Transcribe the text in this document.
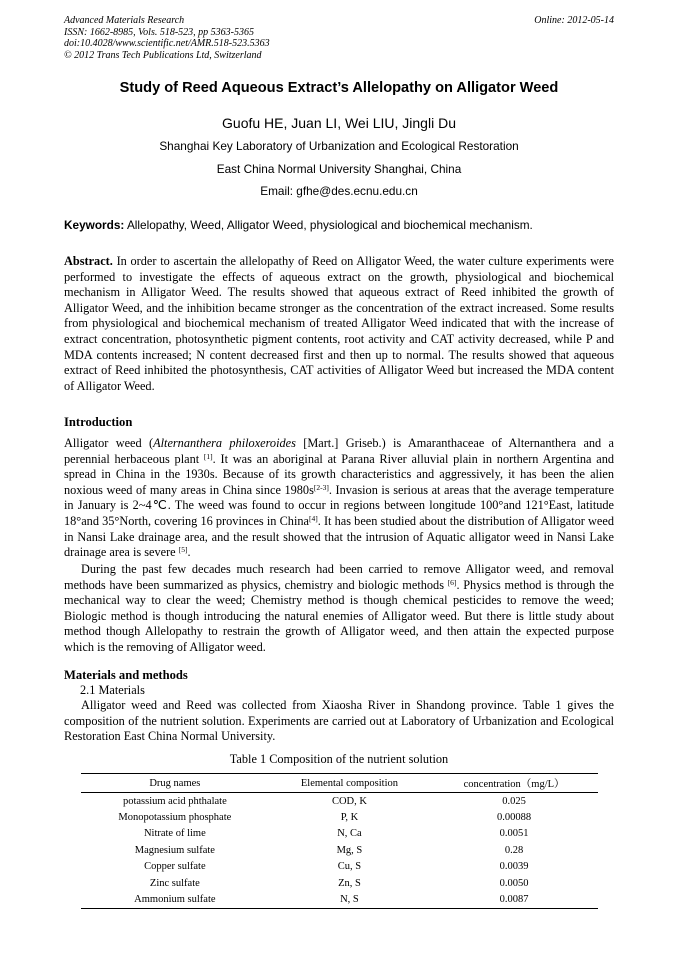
Advanced Materials Research
ISSN: 1662-8985, Vols. 518-523, pp 5363-5365
doi:10.4028/www.scientific.net/AMR.518-523.5363
© 2012 Trans Tech Publications Ltd, Switzerland
Online: 2012-05-14
Study of Reed Aqueous Extract’s Allelopathy on Alligator Weed
Guofu HE, Juan LI, Wei LIU, Jingli Du
Shanghai Key Laboratory of Urbanization and Ecological Restoration
East China Normal University Shanghai, China
Email: gfhe@des.ecnu.edu.cn
Keywords: Allelopathy, Weed, Alligator Weed, physiological and biochemical mechanism.
Abstract. In order to ascertain the allelopathy of Reed on Alligator Weed, the water culture experiments were performed to investigate the effects of aqueous extract on the growth, physiological and biochemical mechanism in Alligator Weed. The results showed that aqueous extract of Reed inhibited the growth of Alligator Weed, and the inhibition became stronger as the concentration of the extract increased. Some results from physiological and biochemical mechanism of treated Alligator Weed indicated that with the increase of extract concentration, photosynthetic pigment contents, root activity and CAT activity decreased, while P and MDA contents increased; N content decreased first and then up to normal. The results showed that aqueous extract of Reed inhibited the photosynthesis, CAT activities of Alligator Weed but increased the MDA content of Alligator Weed.
Introduction
Alligator weed (Alternanthera philoxeroides [Mart.] Griseb.) is Amaranthaceae of Alternanthera and a perennial herbaceous plant [1]. It was an aboriginal at Parana River alluvial plain in northern Argentina and spread in China in the 1930s. Because of its growth characteristics and aggressively, it has been the alien noxious weed of many areas in China since 1980s[2-3]. Invasion is serious at areas that the average temperature in January is 2~4℃. The weed was found to occur in regions between longitude 100°and 121°East, latitude 18°and 35°North, covering 16 provinces in China[4]. It has been studied about the distribution of Alligator weed in Nansi Lake drainage area, and the result showed that the intrusion of Aquatic alligator weed in Nansi Lake drainage area is severe [5].
During the past few decades much research had been carried to remove Alligator weed, and removal methods have been summarized as physics, chemistry and biologic methods [6]. Physics method is through the mechanical way to clear the weed; Chemistry method is though chemical pesticides to remove the weed; Biologic method is though introducing the natural enemies of Alligator weed. But there is little study about method though Allelopathy to restrain the growth of Alligator weed, and then attain the expected purpose which is the removing of Alligator weed.
Materials and methods
2.1 Materials
Alligator weed and Reed was collected from Xiaosha River in Shandong province. Table 1 gives the composition of the nutrient solution. Experiments are carried out at Laboratory of Urbanization and Ecological Restoration East China Normal University.
Table 1 Composition of the nutrient solution
Drug names	Elemental composition	concentration（mg/L）
potassium acid phthalate	COD, K	0.025
Monopotassium phosphate	P, K	0.00088
Nitrate of lime	N, Ca	0.0051
Magnesium sulfate	Mg, S	0.28
Copper sulfate	Cu, S	0.0039
Zinc sulfate	Zn, S	0.0050
Ammonium sulfate	N, S	0.0087
